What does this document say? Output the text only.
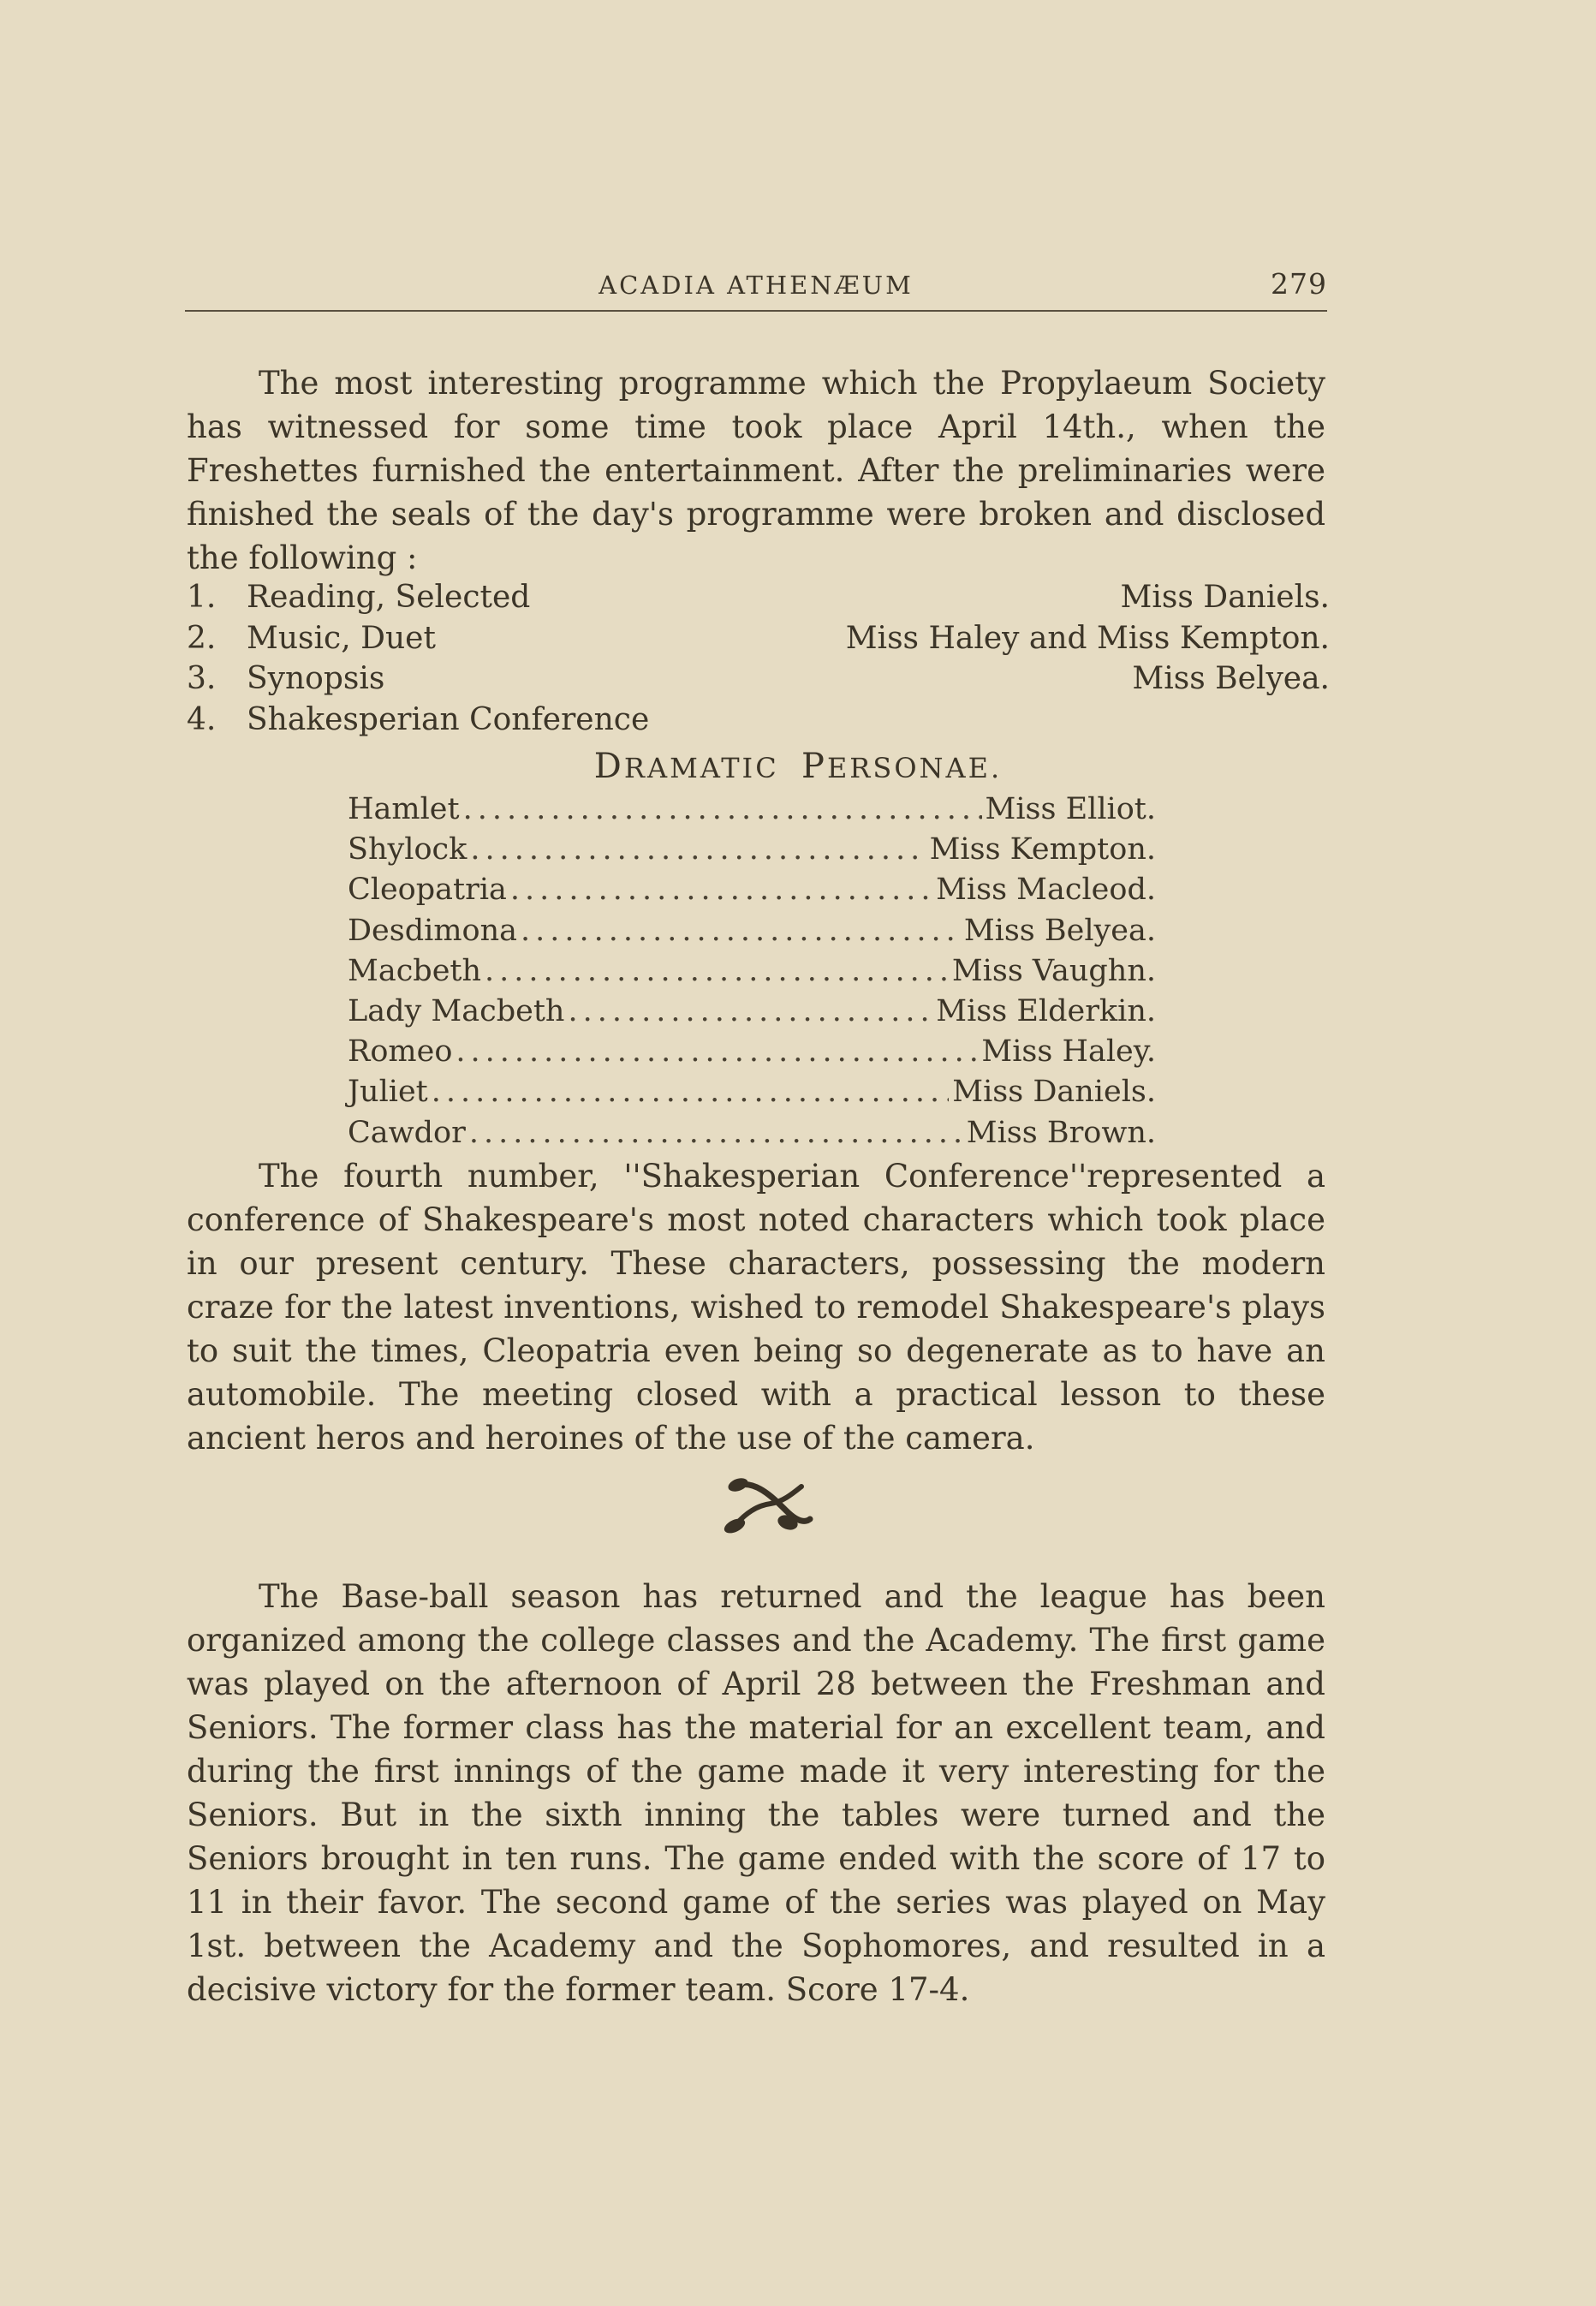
ACADIA ATHENÆUM	279

The most interesting programme which the Propylaeum Society has witnessed for some time took place April 14th., when the Freshettes furnished the entertainment. After the preliminaries were finished the seals of the day's programme were broken and disclosed the following :

1. Reading, Selected	Miss Daniels.
2. Music, Duet	Miss Haley and Miss Kempton.
3. Synopsis	Miss Belyea.
4. Shakesperian Conference
DRAMATIC PERSONAE.
Hamlet .....	Miss Elliot.
Shylock .....	Miss Kempton.
Cleopatria .....	Miss Macleod.
Desdimona .....	Miss Belyea.
Macbeth .....	Miss Vaughn.
Lady Macbeth .....	Miss Elderkin.
Romeo .....	Miss Haley.
Juliet .....	Miss Daniels.
Cawdor .....	Miss Brown.

The fourth number, ''Shakesperian Conference''represented a conference of Shakespeare's most noted characters which took place in our present century. These characters, possessing the modern craze for the latest inventions, wished to remodel Shakespeare's plays to suit the times, Cleopatria even being so degenerate as to have an automobile. The meeting closed with a practical lesson to these ancient heros and heroines of the use of the camera.

The Base-ball season has returned and the league has been organized among the college classes and the Academy. The first game was played on the afternoon of April 28 between the Freshman and Seniors. The former class has the material for an excellent team, and during the first innings of the game made it very interesting for the Seniors. But in the sixth inning the tables were turned and the Seniors brought in ten runs. The game ended with the score of 17 to 11 in their favor. The second game of the series was played on May 1st. between the Academy and the Sophomores, and resulted in a decisive victory for the former team. Score 17-4.
